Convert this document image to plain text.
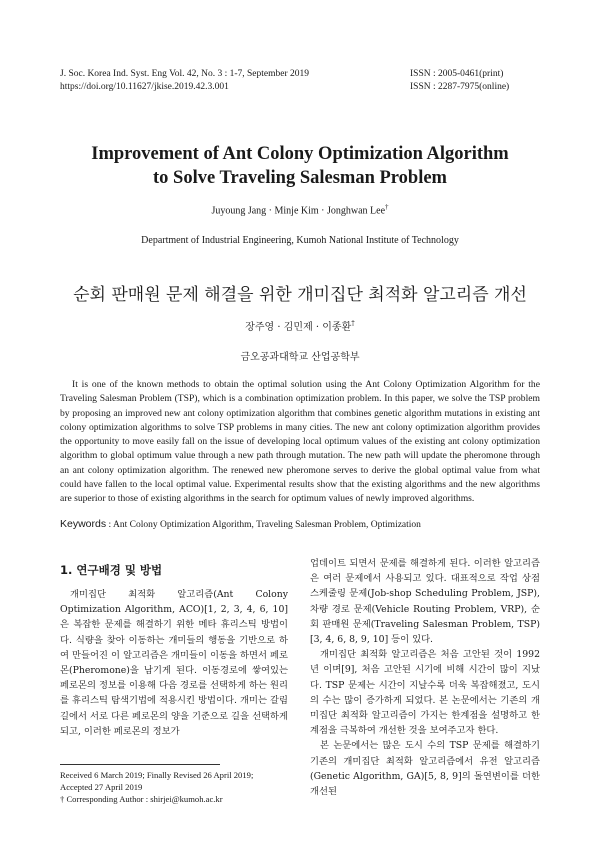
J. Soc. Korea Ind. Syst. Eng Vol. 42, No. 3 : 1-7, September 2019
https://doi.org/10.11627/jkise.2019.42.3.001
ISSN : 2005-0461(print)
ISSN : 2287-7975(online)
Improvement of Ant Colony Optimization Algorithm
to Solve Traveling Salesman Problem
Juyoung Jang · Minje Kim · Jonghwan Lee†
Department of Industrial Engineering, Kumoh National Institute of Technology
순회 판매원 문제 해결을 위한 개미집단 최적화 알고리즘 개선
장주영 · 김민제 · 이종환†
금오공과대학교 산업공학부
It is one of the known methods to obtain the optimal solution using the Ant Colony Optimization Algorithm for the Traveling Salesman Problem (TSP), which is a combination optimization problem. In this paper, we solve the TSP problem by proposing an improved new ant colony optimization algorithm that combines genetic algorithm mutations in existing ant colony optimization algorithms to solve TSP problems in many cities. The new ant colony optimization algorithm provides the opportunity to move easily fall on the issue of developing local optimum values of the existing ant colony optimization algorithm to global optimum value through a new path through mutation. The new path will update the pheromone through an ant colony optimization algorithm. The renewed new pheromone serves to derive the global optimal value from what could have fallen to the local optimal value. Experimental results show that the existing algorithms and the new algorithms are superior to those of existing algorithms in the search for optimum values of newly improved algorithms.
Keywords : Ant Colony Optimization Algorithm, Traveling Salesman Problem, Optimization
1. 연구배경 및 방법

개미집단 최적화 알고리즘(Ant Colony Optimization Algorithm, ACO)[1, 2, 3, 4, 6, 10]은 복잡한 문제를 해결하기 위한 메타 휴리스틱 방법이다. 식량을 찾아 이동하는 개미들의 행동을 기반으로 하여 만들어진 이 알고리즘은 개미들이 이동을 하면서 페로몬(Pheromone)을 남기게 된다. 이동경로에 쌓여있는 페로몬의 정보를 이용해 다음 경로를 선택하게 하는 원리를 휴리스틱 탐색기법에 적용시킨 방법이다. 개미는 갈림길에서 서로 다른 페로몬의 양을 기준으로 길을 선택하게 되고, 이러한 페로몬의 정보가

업데이트 되면서 문제를 해결하게 된다. 이러한 알고리즘은 여러 문제에서 사용되고 있다. 대표적으로 작업 상점 스케줄링 문제(Job-shop Scheduling Problem, JSP), 차량 경로 문제(Vehicle Routing Problem, VRP), 순회 판매원 문제(Traveling Salesman Problem, TSP)[3, 4, 6, 8, 9, 10] 등이 있다.

개미집단 최적화 알고리즘은 처음 고안된 것이 1992년 이며[9], 처음 고안된 시기에 비해 시간이 많이 지났다. TSP 문제는 시간이 지날수록 더욱 복잡해졌고, 도시의 수는 많이 증가하게 되었다. 본 논문에서는 기존의 개미집단 최적화 알고리즘이 가지는 한계점을 설명하고 한계점을 극복하여 개선한 것을 보여주고자 한다.

본 논문에서는 많은 도시 수의 TSP 문제를 해결하기 기존의 개미집단 최적화 알고리즘에서 유전 알고리즘(Genetic Algorithm, GA)[5, 8, 9]의 돌연변이를 더한 개선된

Received 6 March 2019; Finally Revised 26 April 2019;
Accepted 27 April 2019
† Corresponding Author : shirjei@kumoh.ac.kr
